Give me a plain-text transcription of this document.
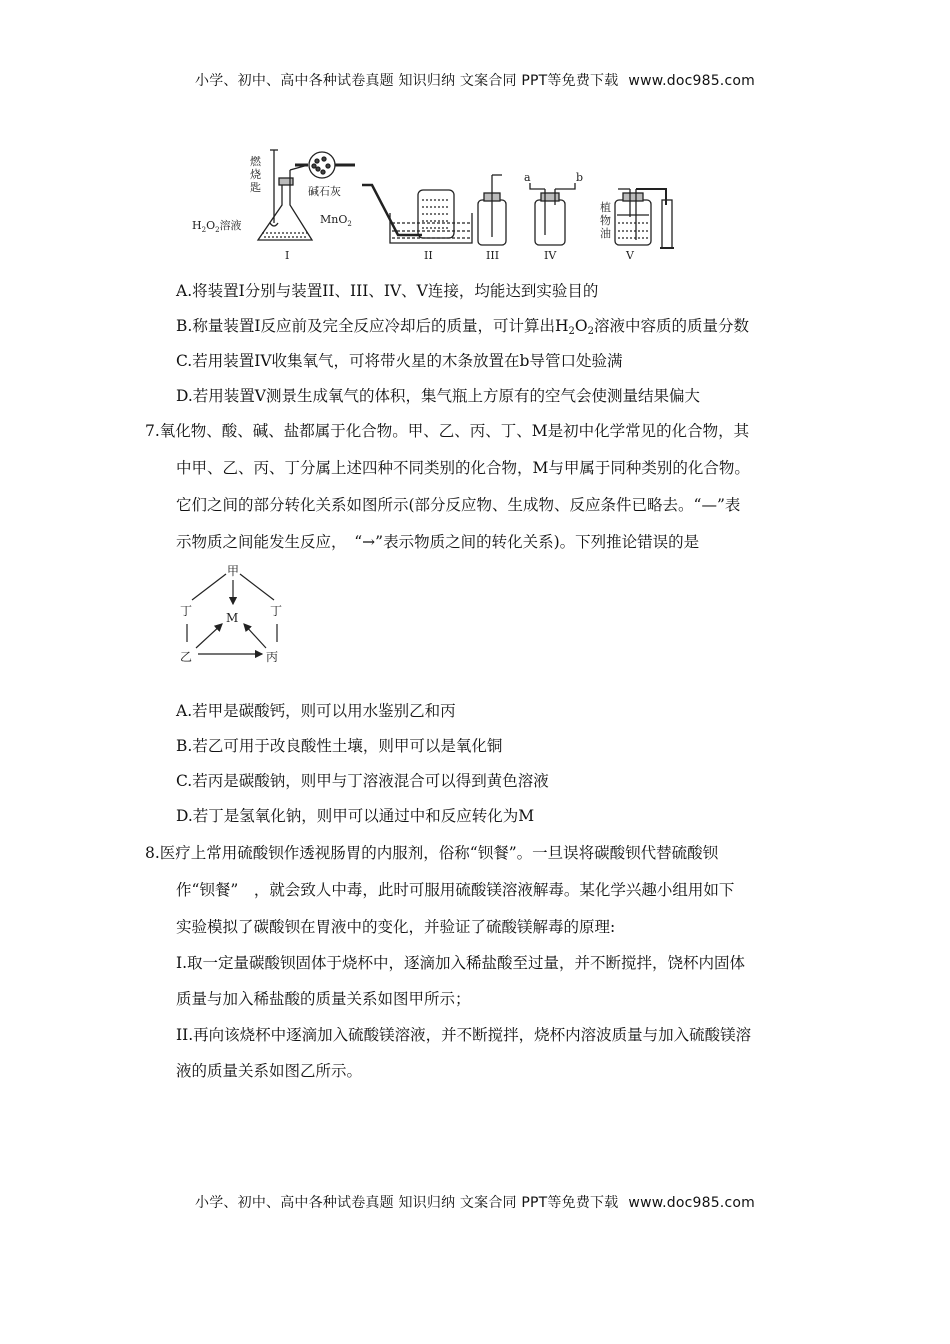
小学、初中、高中各种试卷真题 知识归纳 文案合同 PPT等免费下载 www.doc985.com
燃
烧
匙	碱石灰
MnO$_2$
$H_2O_2$溶液
a	b
植
物
油
I	II	III	IV	V
A.将装置I分别与装置II、III、IV、V连接，均能达到实验目的
B.称量装置I反应前及完全反应冷却后的质量，可计算出$H_2O_2$溶液中容质的质量分数
C.若用装置IV收集氧气，可将带火星的木条放置在b导管口处验满
D.若用装置V测景生成氧气的体积，集气瓶上方原有的空气会使测量结果偏大
7.氧化物、酸、碱、盐都属于化合物。甲、乙、丙、丁、M是初中化学常见的化合物，其
中甲、乙、丙、丁分属上述四种不同类别的化合物，M与甲属于同种类别的化合物。
它们之间的部分转化关系如图所示(部分反应物、生成物、反应条件已略去。“—”表
示物质之间能发生反应，　“→”表示物质之间的转化关系)。下列推论错误的是
甲
丁	丁
M
乙	丙
A.若甲是碳酸钙，则可以用水鉴别乙和丙
B.若乙可用于改良酸性土壤，则甲可以是氧化铜
C.若丙是碳酸钠，则甲与丁溶液混合可以得到黄色溶液
D.若丁是氢氧化钠，则甲可以通过中和反应转化为M
8.医疗上常用硫酸钡作透视肠胃的内服剂，俗称“钡餐”。一旦误将碳酸钡代替硫酸钡
作“钡餐”　，就会致人中毒，此时可服用硫酸镁溶液解毒。某化学兴趣小组用如下
实验模拟了碳酸钡在胃液中的变化，并验证了硫酸镁解毒的原理:
I.取一定量碳酸钡固体于烧杯中，逐滴加入稀盐酸至过量，并不断搅拌，饶杯内固体
质量与加入稀盐酸的质量关系如图甲所示；
II.再向该烧杯中逐滴加入硫酸镁溶液，并不断搅拌，烧杯内溶波质量与加入硫酸镁溶
液的质量关系如图乙所示。
小学、初中、高中各种试卷真题 知识归纳 文案合同 PPT等免费下载 www.doc985.com
